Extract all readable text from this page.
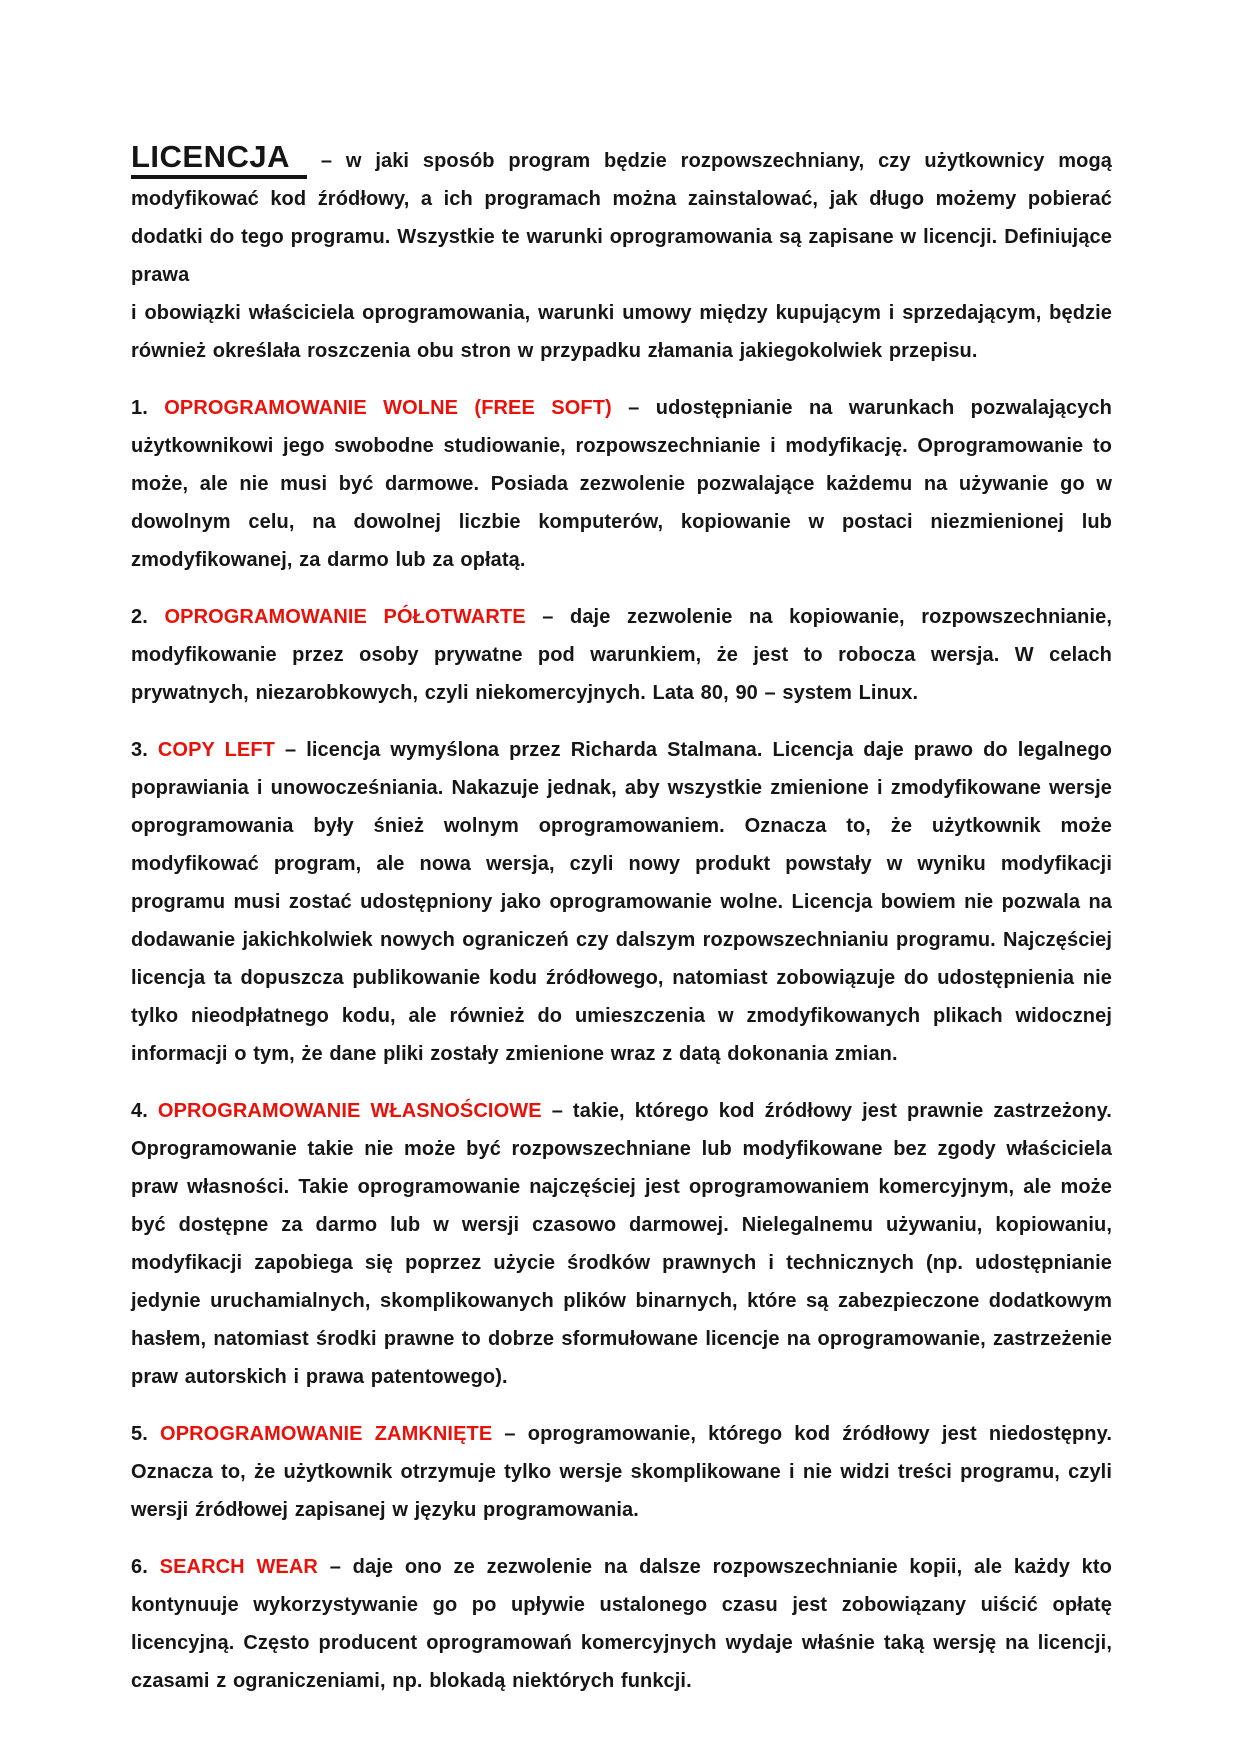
LICENCJA – w jaki sposób program będzie rozpowszechniany, czy użytkownicy mogą modyfikować kod źródłowy, a ich programach można zainstalować, jak długo możemy pobierać dodatki do tego programu. Wszystkie te warunki oprogramowania są zapisane w licencji. Definiujące prawa
i obowiązki właściciela oprogramowania, warunki umowy między kupującym i sprzedającym, będzie również określała roszczenia obu stron w przypadku złamania jakiegokolwiek przepisu.

1. OPROGRAMOWANIE WOLNE (FREE SOFT) – udostępnianie na warunkach pozwalających użytkownikowi jego swobodne studiowanie, rozpowszechnianie i modyfikację. Oprogramowanie to może, ale nie musi być darmowe. Posiada zezwolenie pozwalające każdemu na używanie go w dowolnym celu, na dowolnej liczbie komputerów, kopiowanie w postaci niezmienionej lub zmodyfikowanej, za darmo lub za opłatą.

2. OPROGRAMOWANIE PÓŁOTWARTE – daje zezwolenie na kopiowanie, rozpowszechnianie, modyfikowanie przez osoby prywatne pod warunkiem, że jest to robocza wersja. W celach prywatnych, niezarobkowych, czyli niekomercyjnych. Lata 80, 90 – system Linux.

3. COPY LEFT – licencja wymyślona przez Richarda Stalmana. Licencja daje prawo do legalnego poprawiania i unowocześniania. Nakazuje jednak, aby wszystkie zmienione i zmodyfikowane wersje oprogramowania były śnież wolnym oprogramowaniem. Oznacza to, że użytkownik może modyfikować program, ale nowa wersja, czyli nowy produkt powstały w wyniku modyfikacji programu musi zostać udostępniony jako oprogramowanie wolne. Licencja bowiem nie pozwala na dodawanie jakichkolwiek nowych ograniczeń czy dalszym rozpowszechnianiu programu. Najczęściej licencja ta dopuszcza publikowanie kodu źródłowego, natomiast zobowiązuje do udostępnienia nie tylko nieodpłatnego kodu, ale również do umieszczenia w zmodyfikowanych plikach widocznej informacji o tym, że dane pliki zostały zmienione wraz z datą dokonania zmian.

4. OPROGRAMOWANIE WŁASNOŚCIOWE – takie, którego kod źródłowy jest prawnie zastrzeżony. Oprogramowanie takie nie może być rozpowszechniane lub modyfikowane bez zgody właściciela praw własności. Takie oprogramowanie najczęściej jest oprogramowaniem komercyjnym, ale może być dostępne za darmo lub w wersji czasowo darmowej. Nielegalnemu używaniu, kopiowaniu, modyfikacji zapobiega się poprzez użycie środków prawnych i technicznych (np. udostępnianie jedynie uruchamialnych, skomplikowanych plików binarnych, które są zabezpieczone dodatkowym hasłem, natomiast środki prawne to dobrze sformułowane licencje na oprogramowanie, zastrzeżenie praw autorskich i prawa patentowego).

5. OPROGRAMOWANIE ZAMKNIĘTE – oprogramowanie, którego kod źródłowy jest niedostępny. Oznacza to, że użytkownik otrzymuje tylko wersje skomplikowane i nie widzi treści programu, czyli wersji źródłowej zapisanej w języku programowania.

6. SEARCH WEAR – daje ono ze zezwolenie na dalsze rozpowszechnianie kopii, ale każdy kto kontynuuje wykorzystywanie go po upływie ustalonego czasu jest zobowiązany uiścić opłatę licencyjną. Często producent oprogramowań komercyjnych wydaje właśnie taką wersję na licencji, czasami z ograniczeniami, np. blokadą niektórych funkcji.
